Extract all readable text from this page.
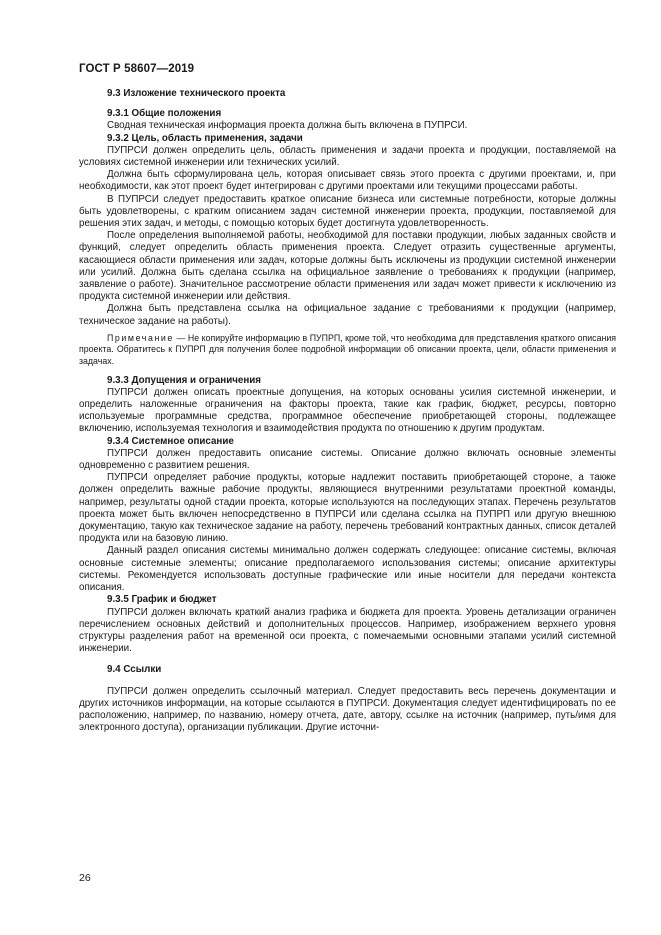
ГОСТ Р 58607—2019

9.3 Изложение технического проекта

9.3.1 Общие положения

Сводная техническая информация проекта должна быть включена в ПУПРСИ.

9.3.2 Цель, область применения, задачи

ПУПРСИ должен определить цель, область применения и задачи проекта и продукции, поставляемой на условиях системной инженерии или технических усилий.

Должна быть сформулирована цель, которая описывает связь этого проекта с другими проектами, и, при необходимости, как этот проект будет интегрирован с другими проектами или текущими процессами работы.

В ПУПРСИ следует предоставить краткое описание бизнеса или системные потребности, которые должны быть удовлетворены, с кратким описанием задач системной инженерии проекта, продукции, поставляемой для решения этих задач, и методы, с помощью которых будет достигнута удовлетворенность.

После определения выполняемой работы, необходимой для поставки продукции, любых заданных свойств и функций, следует определить область применения проекта. Следует отразить существенные аргументы, касающиеся области применения или задач, которые должны быть исключены из продукции системной инженерии или усилий. Должна быть сделана ссылка на официальное заявление о требованиях к продукции (например, заявление о работе). Значительное рассмотрение области применения или задач может привести к исключению из продукта системной инженерии или действия.

Должна быть представлена ссылка на официальное задание с требованиями к продукции (например, техническое задание на работы).

Примечание — Не копируйте информацию в ПУПРП, кроме той, что необходима для представления краткого описания проекта. Обратитесь к ПУПРП для получения более подробной информации об описании проекта, цели, области применения и задачах.

9.3.3 Допущения и ограничения

ПУПРСИ должен описать проектные допущения, на которых основаны усилия системной инженерии, и определить наложенные ограничения на факторы проекта, такие как график, бюджет, ресурсы, повторно используемые программные средства, программное обеспечение приобретающей стороны, подлежащее включению, используемая технология и взаимодействия продукта по отношению к другим продуктам.

9.3.4 Системное описание

ПУПРСИ должен предоставить описание системы. Описание должно включать основные элементы одновременно с развитием решения.

ПУПРСИ определяет рабочие продукты, которые надлежит поставить приобретающей стороне, а также должен определить важные рабочие продукты, являющиеся внутренними результатами проектной команды, например, результаты одной стадии проекта, которые используются на последующих этапах. Перечень результатов проекта может быть включен непосредственно в ПУПРСИ или сделана ссылка на ПУПРП или другую внешнюю документацию, такую как техническое задание на работу, перечень требований контрактных данных, список деталей продукта или на базовую линию.

Данный раздел описания системы минимально должен содержать следующее: описание системы, включая основные системные элементы; описание предполагаемого использования системы; описание архитектуры системы. Рекомендуется использовать доступные графические или иные носители для передачи контекста описания.

9.3.5 График и бюджет

ПУПРСИ должен включать краткий анализ графика и бюджета для проекта. Уровень детализации ограничен перечислением основных действий и дополнительных процессов. Например, изображением верхнего уровня структуры разделения работ на временной оси проекта, с помечаемыми основными этапами усилий системной инженерии.

9.4 Ссылки

ПУПРСИ должен определить ссылочный материал. Следует предоставить весь перечень документации и других источников информации, на которые ссылаются в ПУПРСИ. Документация следует идентифицировать по ее расположению, например, по названию, номеру отчета, дате, автору, ссылке на источник (например, путь/имя для электронного доступа), организации публикации. Другие источни-

26
